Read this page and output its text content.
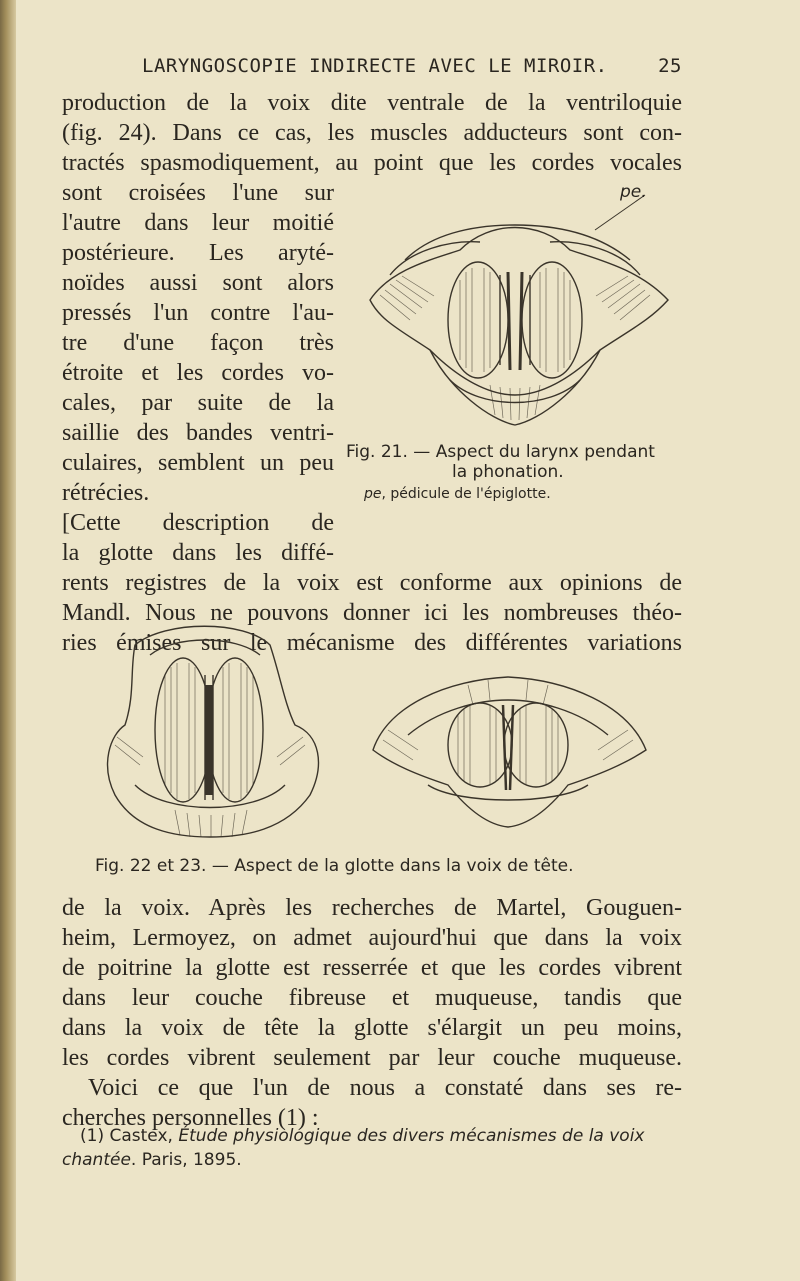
LARYNGOSCOPIE INDIRECTE AVEC LE MIROIR.	25
production de la voix dite ventrale de la ventriloquie
(fig. 24). Dans ce cas, les muscles adducteurs sont con-
tractés spasmodiquement, au point que les cordes vocales
sont croisées l'une sur
l'autre dans leur moitié
postérieure. Les aryté-
noïdes aussi sont alors
pressés l'un contre l'au-
tre d'une façon très
étroite et les cordes vo-
cales, par suite de la
saillie des bandes ventri-
culaires, semblent un peu
rétrécies.
[Cette description de
la glotte dans les diffé-
pe.
Fig. 21. — Aspect du larynx pendant
la phonation.
pe, pédicule de l'épiglotte.
rents registres de la voix est conforme aux opinions de
Mandl. Nous ne pouvons donner ici les nombreuses théo-
ries émises sur le mécanisme des différentes variations
Fig. 22 et 23. — Aspect de la glotte dans la voix de tête.
de la voix. Après les recherches de Martel, Gouguen-
heim, Lermoyez, on admet aujourd'hui que dans la voix
de poitrine la glotte est resserrée et que les cordes vibrent
dans leur couche fibreuse et muqueuse, tandis que
dans la voix de tête la glotte s'élargit un peu moins,
les cordes vibrent seulement par leur couche muqueuse.
Voici ce que l'un de nous a constaté dans ses re-
cherches personnelles (1) :
(1) Castex, Étude physiologique des divers mécanismes de la voix
chantée. Paris, 1895.
